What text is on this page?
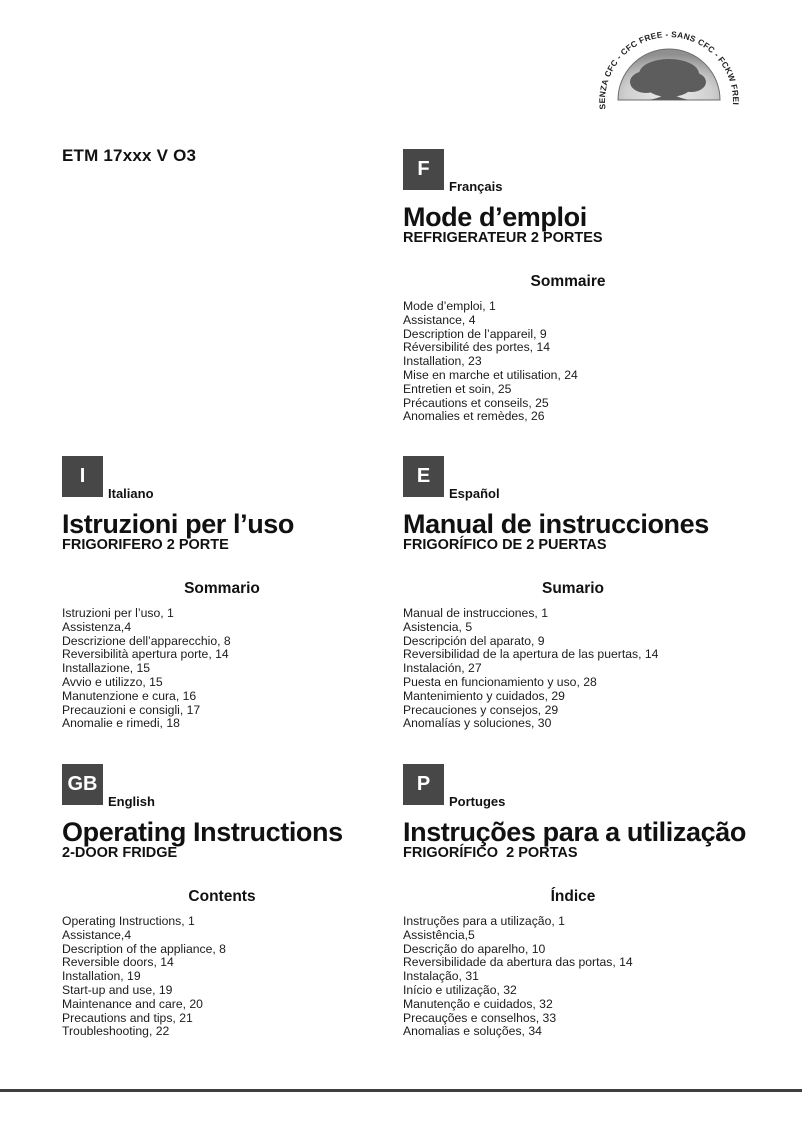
ETM 17xxx V O3
SENZA CFC - CFC FREE - SANS CFC - FCKW FREI
F
Français
Mode d’emploi
REFRIGERATEUR 2 PORTES
Sommaire
Mode d’emploi, 1
Assistance, 4
Description de l’appareil, 9
Réversibilité des portes, 14
Installation, 23
Mise en marche et utilisation, 24
Entretien et soin, 25
Précautions et conseils, 25
Anomalies et remèdes, 26
I
Italiano
Istruzioni per l’uso
FRIGORIFERO 2 PORTE
Sommario
Istruzioni per l’uso, 1
Assistenza,4
Descrizione dell’apparecchio, 8
Reversibilità apertura porte, 14
Installazione, 15
Avvio e utilizzo, 15
Manutenzione e cura, 16
Precauzioni e consigli, 17
Anomalie e rimedi, 18
E
Español
Manual de instrucciones
FRIGORÍFICO DE 2 PUERTAS
Sumario
Manual de instrucciones, 1
Asistencia, 5
Descripción del aparato, 9
Reversibilidad de la apertura de las puertas, 14
Instalación, 27
Puesta en funcionamiento y uso, 28
Mantenimiento y cuidados, 29
Precauciones y consejos, 29
Anomalías y soluciones, 30
GB
English
Operating Instructions
2-DOOR FRIDGE
Contents
Operating Instructions, 1
Assistance,4
Description of the appliance, 8
Reversible doors, 14
Installation, 19
Start-up and use, 19
Maintenance and care, 20
Precautions and tips, 21
Troubleshooting, 22
P
Portuges
Instruções para a utilização
FRIGORÍFICO  2 PORTAS
Índice
Instruções para a utilização, 1
Assistência,5
Descrição do aparelho, 10
Reversibilidade da abertura das portas, 14
Instalação, 31
Início e utilização, 32
Manutenção e cuidados, 32
Precauções e conselhos, 33
Anomalias e soluções, 34
